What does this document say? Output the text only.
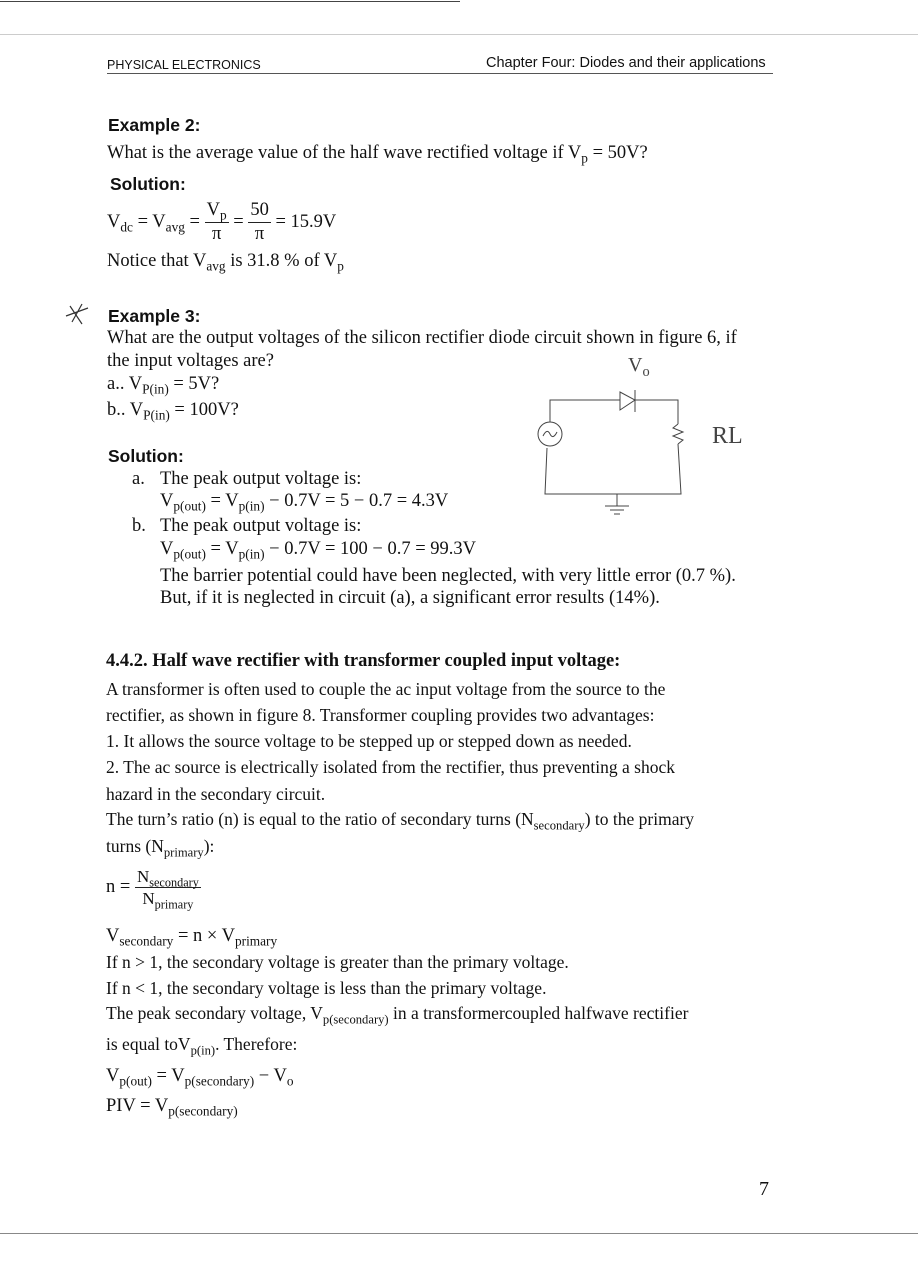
PHYSICAL ELECTRONICS	Chapter Four: Diodes and their applications
Example 2:
What is the average value of the half wave rectified voltage if $V_p = 50V$?
Solution:
$V_{dc} = V_{avg} = \frac{V_p}{\pi} = \frac{50}{\pi} = 15.9V$
Notice that $V_{avg}$ is 31.8 % of $V_p$
Example 3:
What are the output voltages of the silicon rectifier diode circuit shown in figure 6, if
the input voltages are?
a.. $V_{P(in)} = 5V$?
b.. $V_{P(in)} = 100V$?
$V_o$
RL
Solution:
a. The peak output voltage is:
$V_{p(out)} = V_{p(in)} - 0.7V = 5 - 0.7 = 4.3V$
b. The peak output voltage is:
$V_{p(out)} = V_{p(in)} - 0.7V = 100 - 0.7 = 99.3V$
The barrier potential could have been neglected, with very little error (0.7 %).
But, if it is neglected in circuit (a), a significant error results (14%).
4.4.2. Half wave rectifier with transformer coupled input voltage:
A transformer is often used to couple the ac input voltage from the source to the
rectifier, as shown in figure 8. Transformer coupling provides two advantages:
1. It allows the source voltage to be stepped up or stepped down as needed.
2. The ac source is electrically isolated from the rectifier, thus preventing a shock
hazard in the secondary circuit.
The turn’s ratio (n) is equal to the ratio of secondary turns $(N_{secondary})$ to the primary
turns $(N_{primary})$:
$n = \frac{N_{secondary}}{N_{primary}}$
$V_{secondary} = n \times V_{primary}$
If n > 1, the secondary voltage is greater than the primary voltage.
If n < 1, the secondary voltage is less than the primary voltage.
The peak secondary voltage, $V_{p(secondary)}$ in a transformercoupled halfwave rectifier
is equal toV$_{p(in)}$. Therefore:
$V_{p(out)} = V_{p(secondary)} - V_o$
PIV = $V_{p(secondary)}$
7
